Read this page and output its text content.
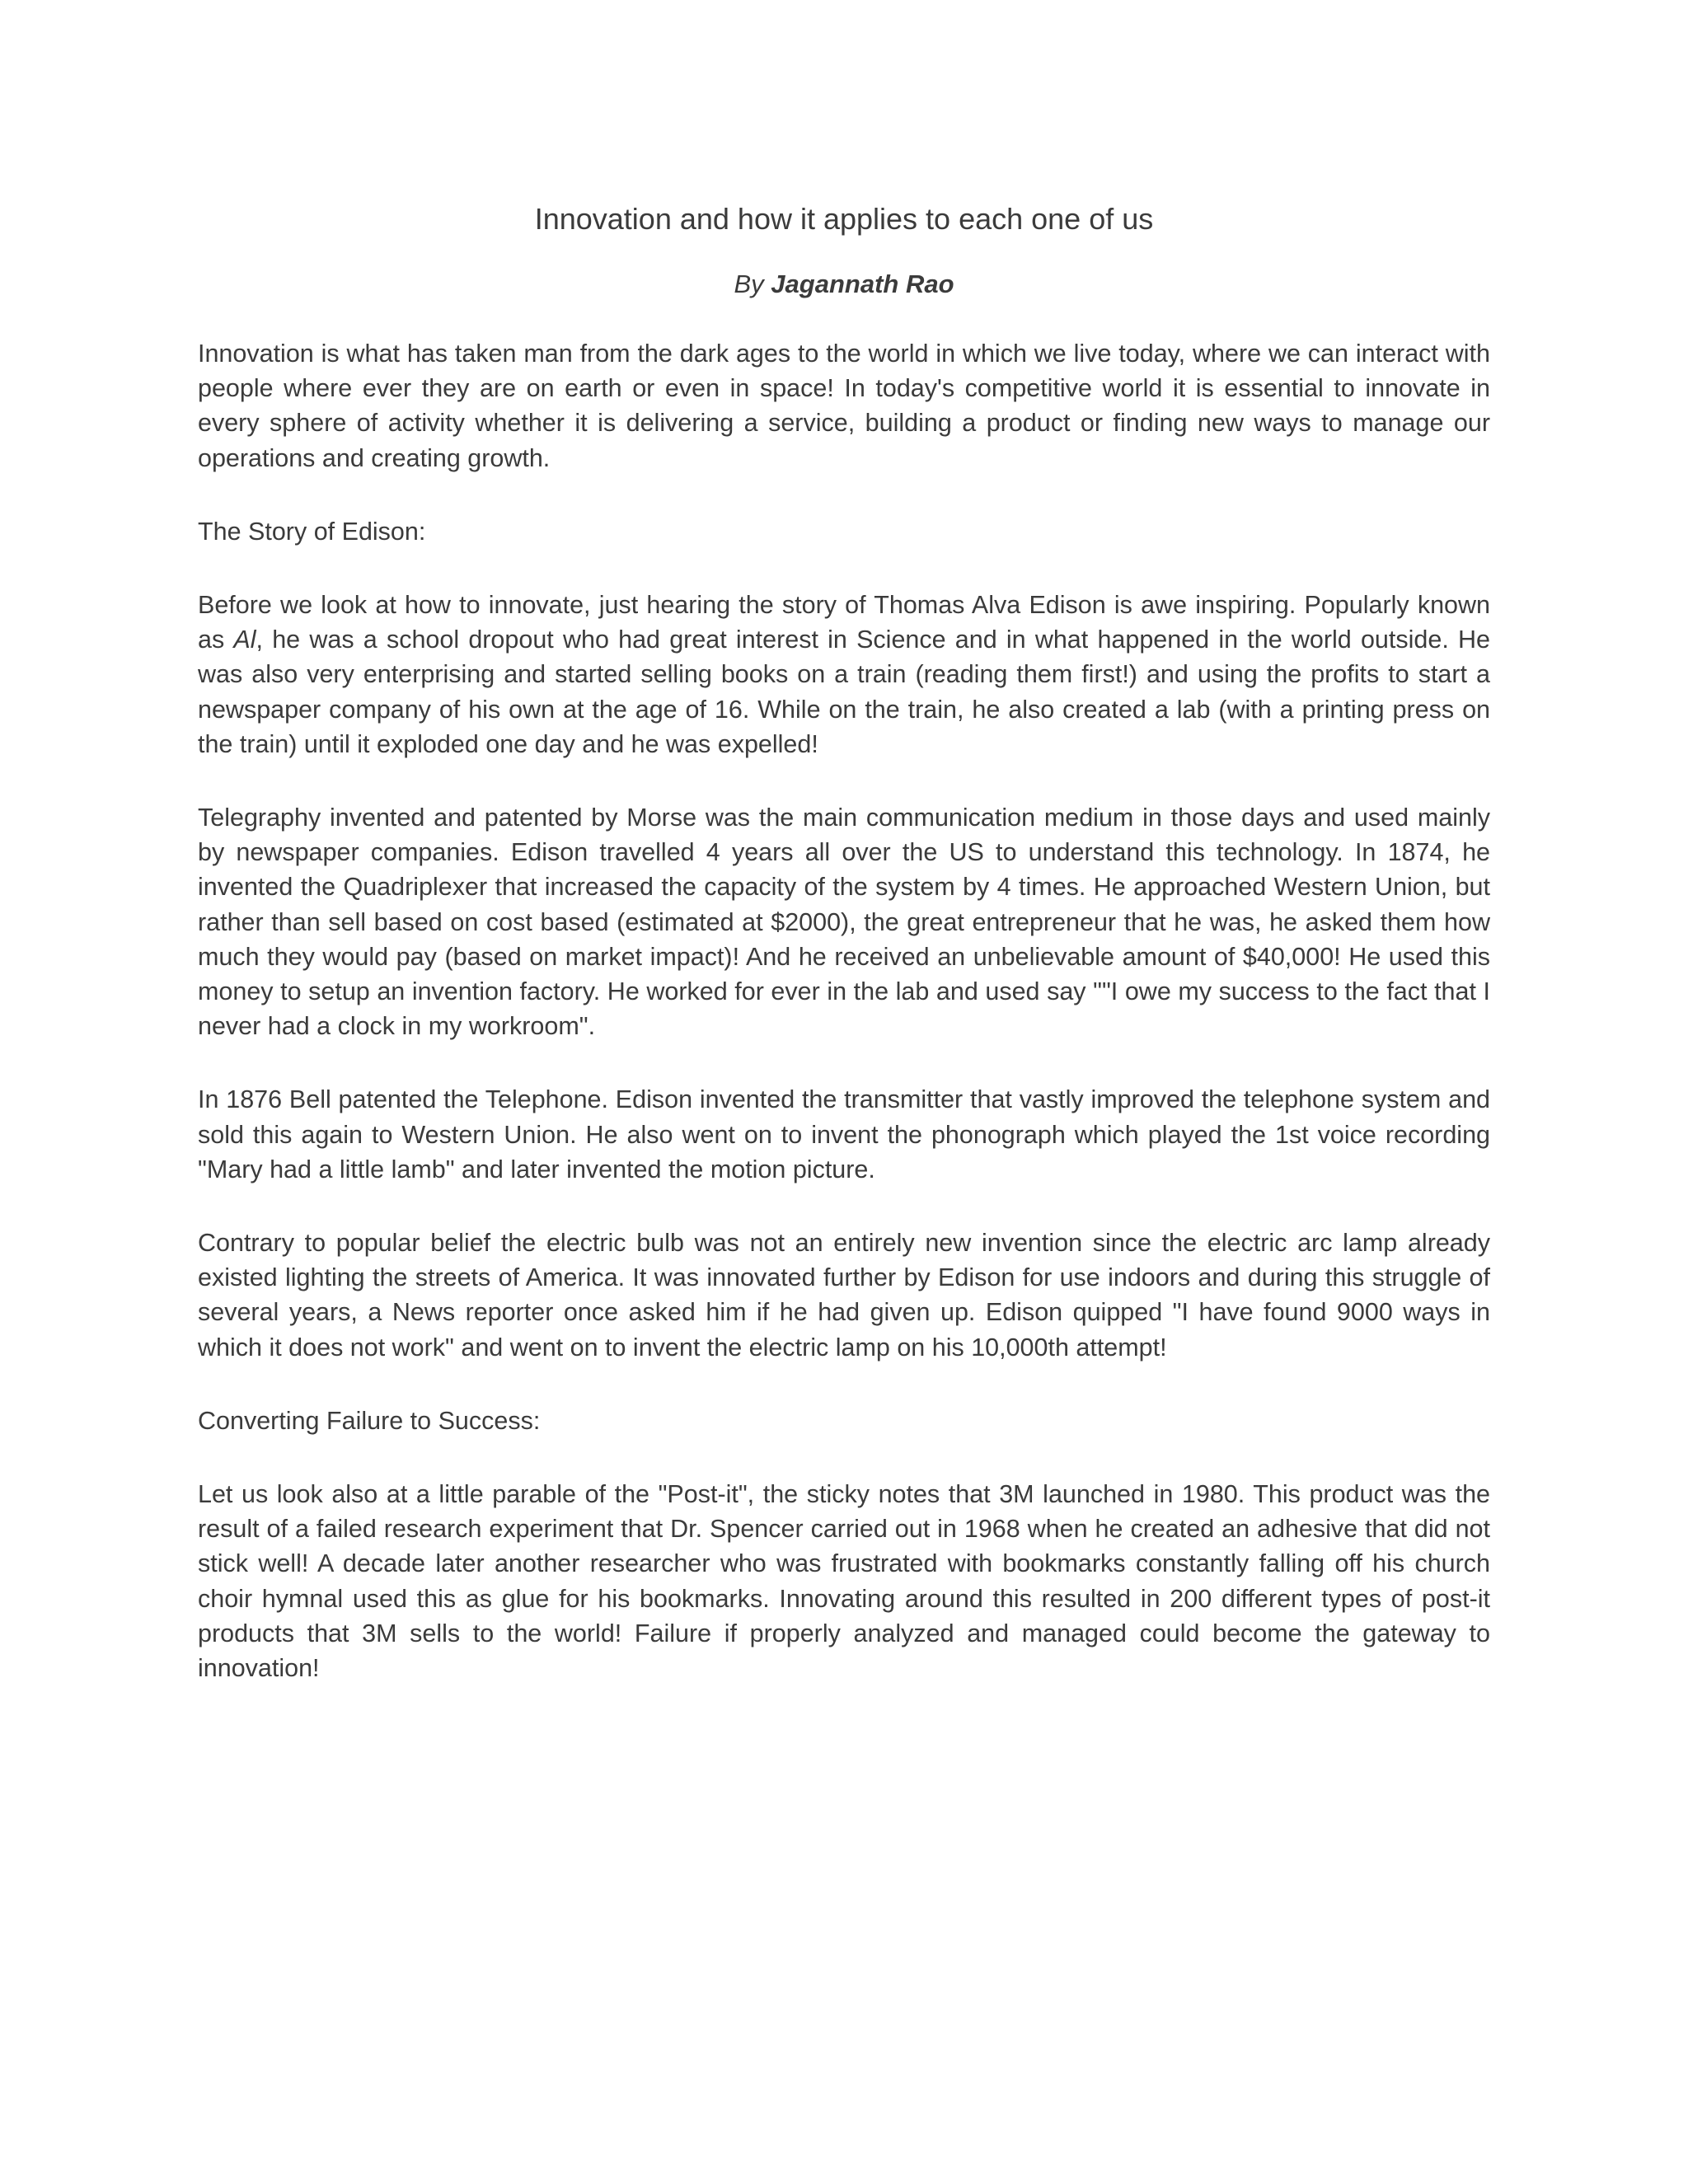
Innovation and how it applies to each one of us
By Jagannath Rao

Innovation is what has taken man from the dark ages to the world in which we live today, where we can interact with people where ever they are on earth or even in space! In today's competitive world it is essential to innovate in every sphere of activity whether it is delivering a service, building a product or finding new ways to manage our operations and creating growth.

The Story of Edison:

Before we look at how to innovate, just hearing the story of Thomas Alva Edison is awe inspiring. Popularly known as Al, he was a school dropout who had great interest in Science and in what happened in the world outside. He was also very enterprising and started selling books on a train (reading them first!) and using the profits to start a newspaper company of his own at the age of 16. While on the train, he also created a lab (with a printing press on the train) until it exploded one day and he was expelled!

Telegraphy invented and patented by Morse was the main communication medium in those days and used mainly by newspaper companies. Edison travelled 4 years all over the US to understand this technology. In 1874, he invented the Quadriplexer that increased the capacity of the system by 4 times. He approached Western Union, but rather than sell based on cost based (estimated at $2000), the great entrepreneur that he was, he asked them how much they would pay (based on market impact)! And he received an unbelievable amount of $40,000! He used this money to setup an invention factory. He worked for ever in the lab and used say ""I owe my success to the fact that I never had a clock in my workroom".

In 1876 Bell patented the Telephone. Edison invented the transmitter that vastly improved the telephone system and sold this again to Western Union. He also went on to invent the phonograph which played the 1st voice recording "Mary had a little lamb" and later invented the motion picture.

Contrary to popular belief the electric bulb was not an entirely new invention since the electric arc lamp already existed lighting the streets of America. It was innovated further by Edison for use indoors and during this struggle of several years, a News reporter once asked him if he had given up. Edison quipped "I have found 9000 ways in which it does not work" and went on to invent the electric lamp on his 10,000th attempt!

Converting Failure to Success:

Let us look also at a little parable of the "Post-it", the sticky notes that 3M launched in 1980. This product was the result of a failed research experiment that Dr. Spencer carried out in 1968 when he created an adhesive that did not stick well! A decade later another researcher who was frustrated with bookmarks constantly falling off his church choir hymnal used this as glue for his bookmarks. Innovating around this resulted in 200 different types of post-it products that 3M sells to the world! Failure if properly analyzed and managed could become the gateway to innovation!
